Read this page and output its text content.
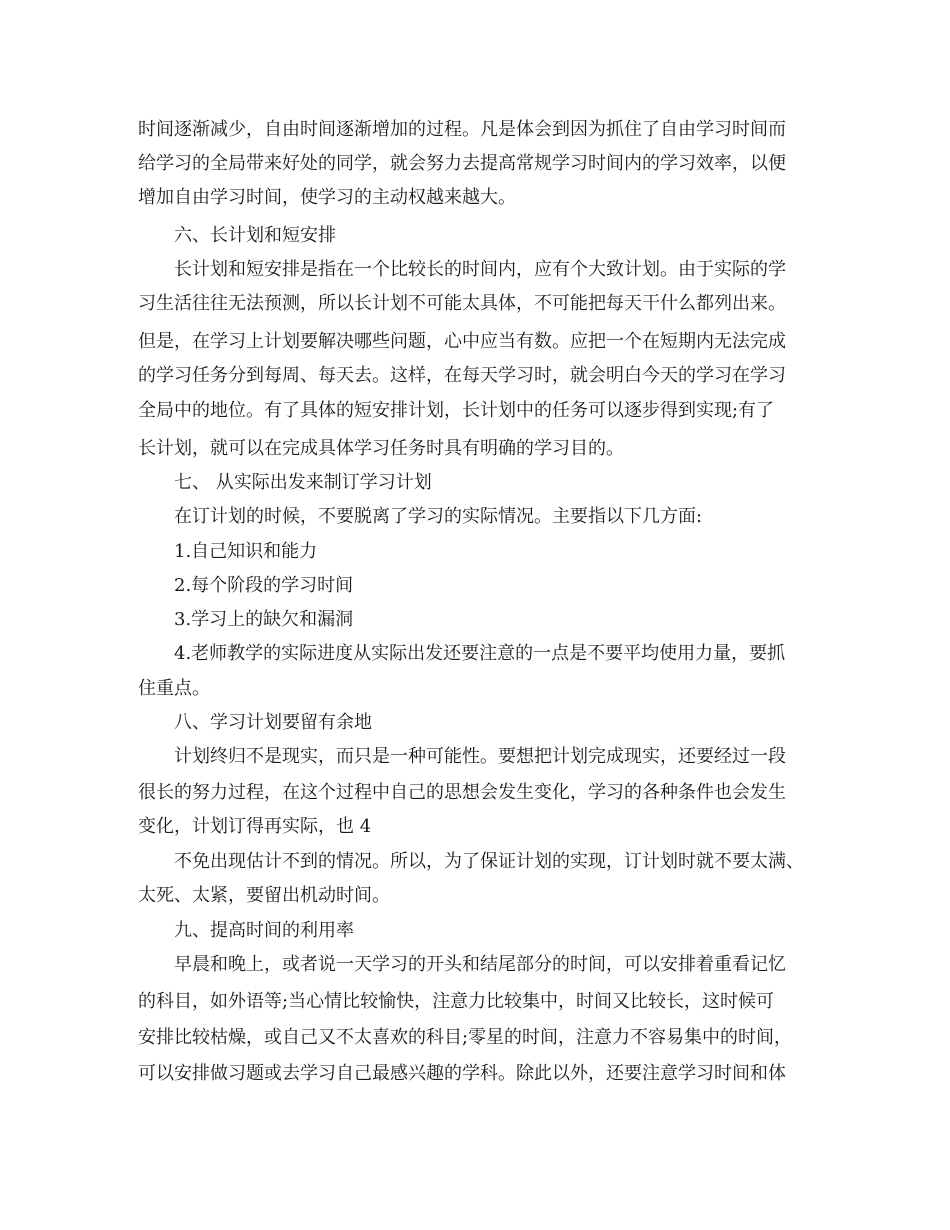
时间逐渐减少，自由时间逐渐增加的过程。凡是体会到因为抓住了自由学习时间而
给学习的全局带来好处的同学，就会努力去提高常规学习时间内的学习效率，以便
增加自由学习时间，使学习的主动权越来越大。
六、长计划和短安排
长计划和短安排是指在一个比较长的时间内，应有个大致计划。由于实际的学
习生活往往无法预测，所以长计划不可能太具体，不可能把每天干什么都列出来。
但是，在学习上计划要解决哪些问题，心中应当有数。应把一个在短期内无法完成
的学习任务分到每周、每天去。这样，在每天学习时，就会明白今天的学习在学习
全局中的地位。有了具体的短安排计划，长计划中的任务可以逐步得到实现;有了
长计划，就可以在完成具体学习任务时具有明确的学习目的。
七、 从实际出发来制订学习计划
在订计划的时候，不要脱离了学习的实际情况。主要指以下几方面:
1.自己知识和能力
2.每个阶段的学习时间
3.学习上的缺欠和漏洞
4.老师教学的实际进度从实际出发还要注意的一点是不要平均使用力量，要抓
住重点。
八、学习计划要留有余地
计划终归不是现实，而只是一种可能性。要想把计划完成现实，还要经过一段
很长的努力过程，在这个过程中自己的思想会发生变化，学习的各种条件也会发生
变化，计划订得再实际，也 4
不免出现估计不到的情况。所以，为了保证计划的实现，订计划时就不要太满、
太死、太紧，要留出机动时间。
九、提高时间的利用率
早晨和晚上，或者说一天学习的开头和结尾部分的时间，可以安排着重看记忆
的科目，如外语等;当心情比较愉快，注意力比较集中，时间又比较长，这时候可
安排比较枯燥，或自己又不太喜欢的科目;零星的时间，注意力不容易集中的时间，
可以安排做习题或去学习自己最感兴趣的学科。除此以外，还要注意学习时间和体
